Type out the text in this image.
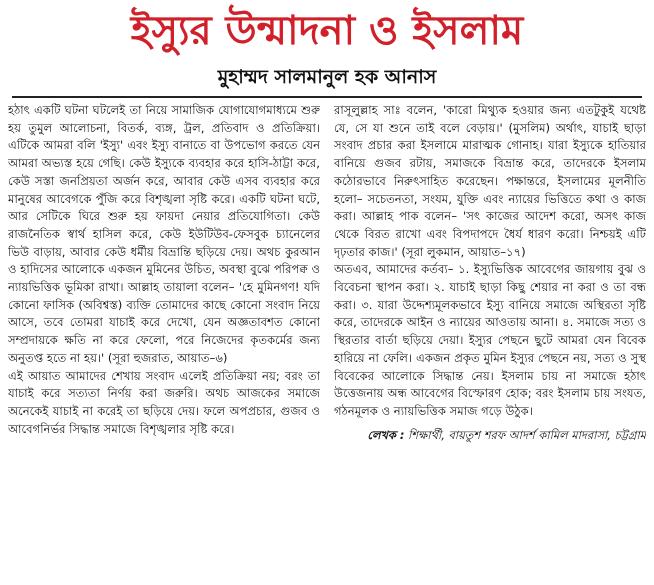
ইস্যুর উন্মাদনা ও ইসলাম
মুহাম্মদ সালমানুল হক আনাস

হঠাৎ একটি ঘটনা ঘটলেই তা নিয়ে সামাজিক যোগাযোগমাধ্যমে শুরু হয় তুমুল আলোচনা, বিতর্ক, ব্যঙ্গ, ট্রল, প্রতিবাদ ও প্রতিক্রিয়া। এটিকে আমরা বলি 'ইস্যু' এবং ইস্যু বানাতে বা উপভোগ করতে যেন আমরা অভ্যস্ত হয়ে গেছি। কেউ ইস্যুকে ব্যবহার করে হাসি-ঠাট্টা করে, কেউ সস্তা জনপ্রিয়তা অর্জন করে, আবার কেউ এসব ব্যবহার করে মানুষের আবেগকে পুঁজি করে বিশৃঙ্খলা সৃষ্টি করে। একটি ঘটনা ঘটে, আর সেটিকে ঘিরে শুরু হয় ফায়দা নেয়ার প্রতিযোগিতা। কেউ রাজনৈতিক স্বার্থ হাসিল করে, কেউ ইউটিউব-ফেসবুক চ্যানেলের ভিউ বাড়ায়, আবার কেউ ধর্মীয় বিভ্রান্তি ছড়িয়ে দেয়। অথচ কুরআন ও হাদিসের আলোকে একজন মুমিনের উচিত, অবস্থা বুঝে পরিপক্ব ও ন্যায়ভিত্তিক ভূমিকা রাখা। আল্লাহ তায়ালা বলেন– 'হে মুমিনগণ! যদি কোনো ফাসিক (অবিশ্বস্ত) ব্যক্তি তোমাদের কাছে কোনো সংবাদ নিয়ে আসে, তবে তোমরা যাচাই করে দেখো, যেন অজ্ঞতাবশত কোনো সম্প্রদায়কে ক্ষতি না করে ফেলো, পরে নিজেদের কৃতকর্মের জন্য অনুতপ্ত হতে না হয়।' (সূরা হুজরাত, আয়াত–৬)

এই আয়াত আমাদের শেখায় সংবাদ এলেই প্রতিক্রিয়া নয়; বরং তা যাচাই করে সত্যতা নির্ণয় করা জরুরি। অথচ আজকের সমাজে অনেকেই যাচাই না করেই তা ছড়িয়ে দেয়। ফলে অপপ্রচার, গুজব ও আবেগনির্ভর সিদ্ধান্ত সমাজে বিশৃঙ্খলার সৃষ্টি করে।

রাসূলুল্লাহ সাঃ বলেন, 'কারো মিথ্যুক হওয়ার জন্য এতটুকুই যথেষ্ট যে, সে যা শুনে তাই বলে বেড়ায়।' (মুসলিম) অর্থাৎ, যাচাই ছাড়া সংবাদ প্রচার করা ইসলামে মারাত্মক গোনাহ। যারা ইস্যুকে হাতিয়ার বানিয়ে গুজব রটায়, সমাজকে বিভ্রান্ত করে, তাদেরকে ইসলাম কঠোরভাবে নিরুৎসাহিত করেছেন। পক্ষান্তরে, ইসলামের মূলনীতি হলো– সচেতনতা, সংযম, যুক্তি এবং ন্যায়ের ভিত্তিতে কথা ও কাজ করা। আল্লাহ পাক বলেন– 'সৎ কাজের আদেশ করো, অসৎ কাজ থেকে বিরত রাখো এবং বিপদাপদে ধৈর্য ধারণ করো। নিশ্চয়ই এটি দৃঢ়তার কাজ।' (সূরা লুকমান, আয়াত–১৭)

অতএব, আমাদের কর্তব্য– ১. ইস্যুভিত্তিক আবেগের জায়গায় বুঝ ও বিবেচনা স্থাপন করা। ২. যাচাই ছাড়া কিছু শেয়ার না করা ও তা বন্ধ করা। ৩. যারা উদ্দেশ্যমূলকভাবে ইস্যু বানিয়ে সমাজে অস্থিরতা সৃষ্টি করে, তাদেরকে আইন ও ন্যায়ের আওতায় আনা। ৪. সমাজে সত্য ও স্থিরতার বার্তা ছড়িয়ে দেয়া। ইস্যুর পেছনে ছুটে আমরা যেন বিবেক হারিয়ে না ফেলি। একজন প্রকৃত মুমিন ইস্যুর পেছনে নয়, সত্য ও সুস্থ বিবেকের আলোকে সিদ্ধান্ত নেয়। ইসলাম চায় না সমাজে হঠাৎ উত্তেজনায় অন্ধ আবেগের বিস্ফোরণ হোক; বরং ইসলাম চায় সংযত, গঠনমূলক ও ন্যায়ভিত্তিক সমাজ গড়ে উঠুক।

লেখক : শিক্ষার্থী, বায়তুশ শরফ আদর্শ কামিল মাদরাসা, চট্টগ্রাম
